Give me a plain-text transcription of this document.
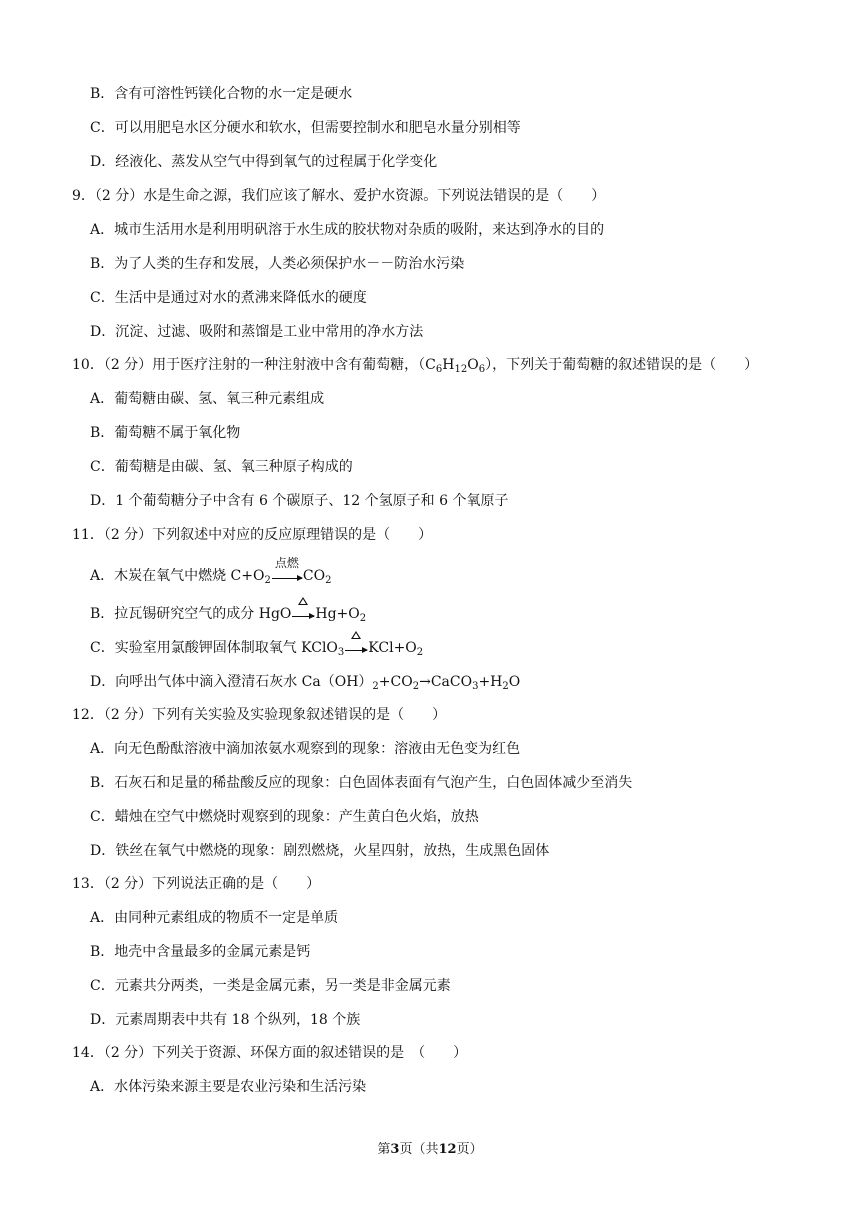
B．含有可溶性钙镁化合物的水一定是硬水
C．可以用肥皂水区分硬水和软水，但需要控制水和肥皂水量分别相等
D．经液化、蒸发从空气中得到氧气的过程属于化学变化
9．（2 分）水是生命之源，我们应该了解水、爱护水资源。下列说法错误的是（　　）
A．城市生活用水是利用明矾溶于水生成的胶状物对杂质的吸附，来达到净水的目的
B．为了人类的生存和发展，人类必须保护水－－防治水污染
C．生活中是通过对水的煮沸来降低水的硬度
D．沉淀、过滤、吸附和蒸馏是工业中常用的净水方法
10．（2 分）用于医疗注射的一种注射液中含有葡萄糖，$(C_6H_{12}O_6)$，下列关于葡萄糖的叙述错误的是（　　）
A．葡萄糖由碳、氢、氧三种元素组成
B．葡萄糖不属于氧化物
C．葡萄糖是由碳、氢、氧三种原子构成的
D．1 个葡萄糖分子中含有 6 个碳原子、12 个氢原子和 6 个氧原子
11．（2 分）下列叙述中对应的反应原理错误的是（　　）
A．木炭在氧气中燃烧 $C+O_2$
点燃
$CO_2$
B．拉瓦锡研究空气的成分 HgO $Hg+O_2$
C．实验室用氯酸钾固体制取氧气 KClO$_3$ $KCl+O_2$
D．向呼出气体中滴入澄清石灰水 $Ca(OH)_2+CO_2\to CaCO_3+H_2O$
12．（2 分）下列有关实验及实验现象叙述错误的是（　　）
A．向无色酚酞溶液中滴加浓氨水观察到的现象：溶液由无色变为红色
B．石灰石和足量的稀盐酸反应的现象：白色固体表面有气泡产生，白色固体减少至消失
C．蜡烛在空气中燃烧时观察到的现象：产生黄白色火焰，放热
D．铁丝在氧气中燃烧的现象：剧烈燃烧，火星四射，放热，生成黑色固体
13．（2 分）下列说法正确的是（　　）
A．由同种元素组成的物质不一定是单质
B．地壳中含量最多的金属元素是钙
C．元素共分两类，一类是金属元素，另一类是非金属元素
D．元素周期表中共有 18 个纵列，18 个族
14．（2 分）下列关于资源、环保方面的叙述错误的是　（　　）
A．水体污染来源主要是农业污染和生活污染
第3页（共12页）
